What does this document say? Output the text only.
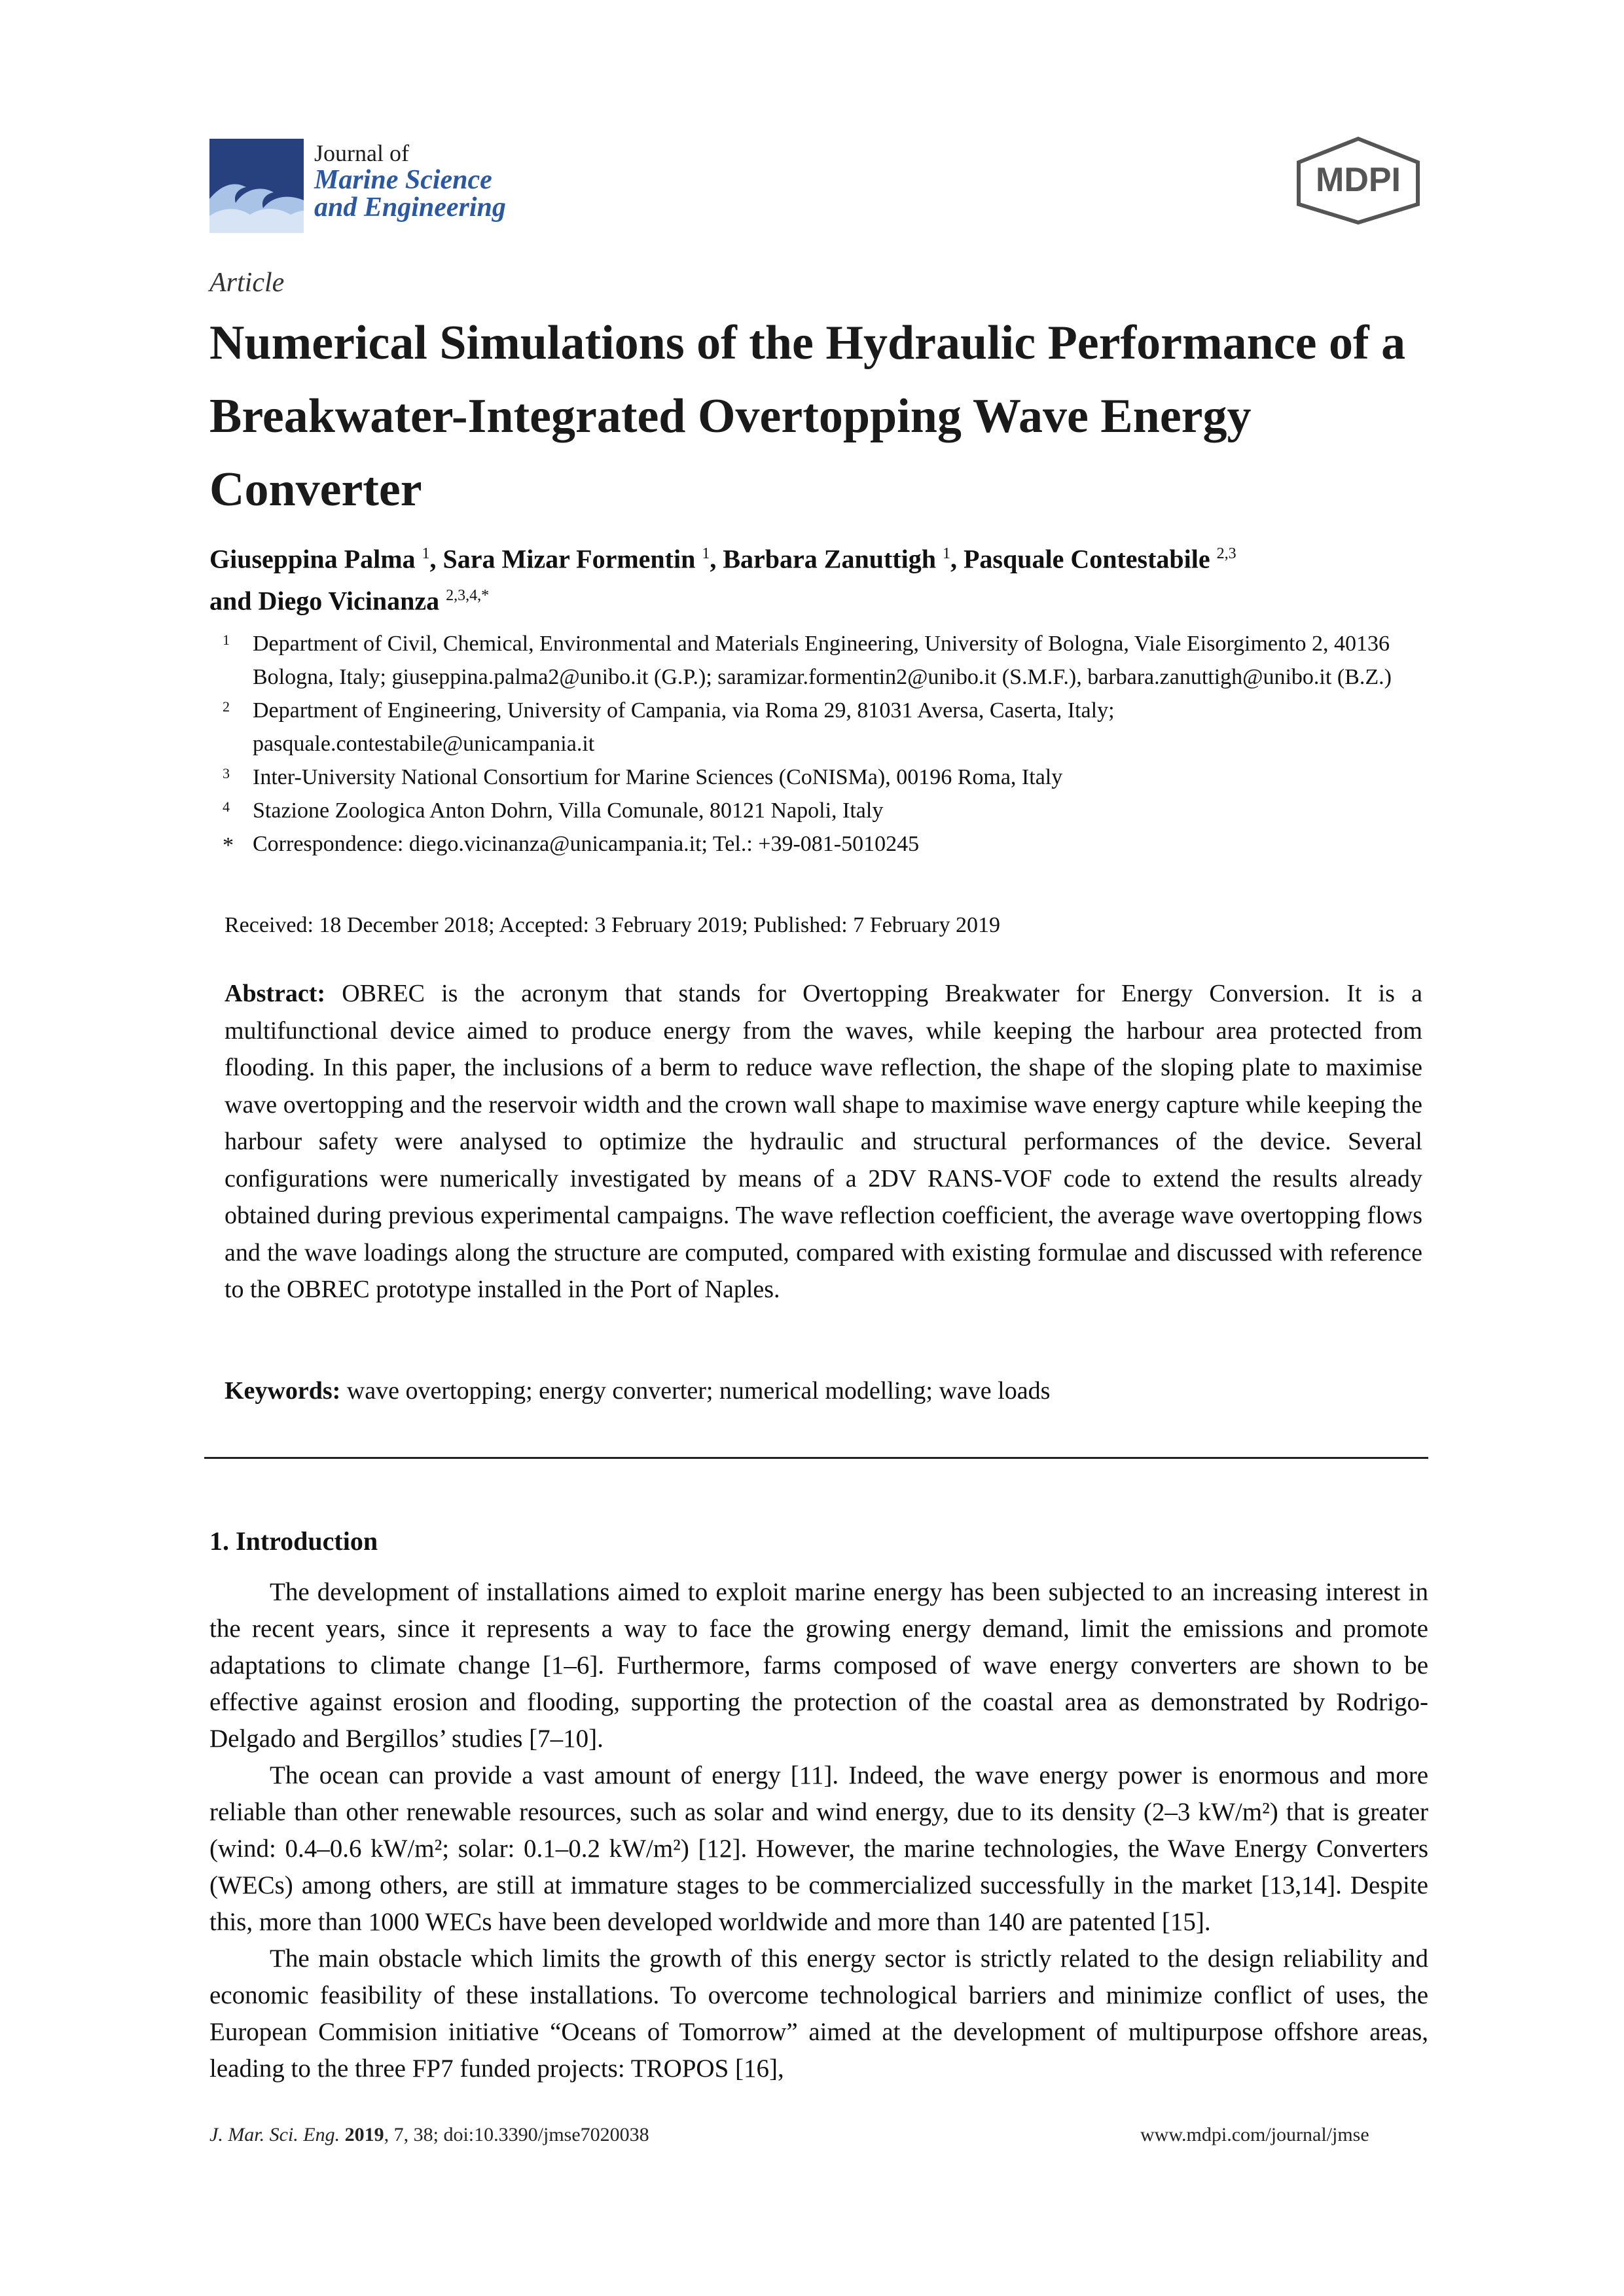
Journal of
Marine Science
and Engineering
MDPI
Article
Numerical Simulations of the Hydraulic Performance of a Breakwater-Integrated Overtopping Wave Energy Converter
Giuseppina Palma $^1$, Sara Mizar Formentin $^1$, Barbara Zanuttigh $^1$, Pasquale Contestabile $^{2,3}$
and Diego Vicinanza $^{2,3,4,*}$
1 Department of Civil, Chemical, Environmental and Materials Engineering, University of Bologna, Viale Eisorgimento 2, 40136 Bologna, Italy; giuseppina.palma2@unibo.it (G.P.); saramizar.formentin2@unibo.it (S.M.F.), barbara.zanuttigh@unibo.it (B.Z.)
2 Department of Engineering, University of Campania, via Roma 29, 81031 Aversa, Caserta, Italy; pasquale.contestabile@unicampania.it
3 Inter-University National Consortium for Marine Sciences (CoNISMa), 00196 Roma, Italy
4 Stazione Zoologica Anton Dohrn, Villa Comunale, 80121 Napoli, Italy
* Correspondence: diego.vicinanza@unicampania.it; Tel.: +39-081-5010245
Received: 18 December 2018; Accepted: 3 February 2019; Published: 7 February 2019
Abstract: OBREC is the acronym that stands for Overtopping Breakwater for Energy Conversion. It is a multifunctional device aimed to produce energy from the waves, while keeping the harbour area protected from flooding. In this paper, the inclusions of a berm to reduce wave reflection, the shape of the sloping plate to maximise wave overtopping and the reservoir width and the crown wall shape to maximise wave energy capture while keeping the harbour safety were analysed to optimize the hydraulic and structural performances of the device. Several configurations were numerically investigated by means of a 2DV RANS-VOF code to extend the results already obtained during previous experimental campaigns. The wave reflection coefficient, the average wave overtopping flows and the wave loadings along the structure are computed, compared with existing formulae and discussed with reference to the OBREC prototype installed in the Port of Naples.
Keywords: wave overtopping; energy converter; numerical modelling; wave loads
1. Introduction

The development of installations aimed to exploit marine energy has been subjected to an increasing interest in the recent years, since it represents a way to face the growing energy demand, limit the emissions and promote adaptations to climate change [1–6]. Furthermore, farms composed of wave energy converters are shown to be effective against erosion and flooding, supporting the protection of the coastal area as demonstrated by Rodrigo-Delgado and Bergillos’ studies [7–10].

The ocean can provide a vast amount of energy [11]. Indeed, the wave energy power is enormous and more reliable than other renewable resources, such as solar and wind energy, due to its density (2–3 kW/m²) that is greater (wind: 0.4–0.6 kW/m²; solar: 0.1–0.2 kW/m²) [12]. However, the marine technologies, the Wave Energy Converters (WECs) among others, are still at immature stages to be commercialized successfully in the market [13,14]. Despite this, more than 1000 WECs have been developed worldwide and more than 140 are patented [15].

The main obstacle which limits the growth of this energy sector is strictly related to the design reliability and economic feasibility of these installations. To overcome technological barriers and minimize conflict of uses, the European Commision initiative “Oceans of Tomorrow” aimed at the development of multipurpose offshore areas, leading to the three FP7 funded projects: TROPOS [16],

J. Mar. Sci. Eng. 2019, 7, 38; doi:10.3390/jmse7020038	www.mdpi.com/journal/jmse
